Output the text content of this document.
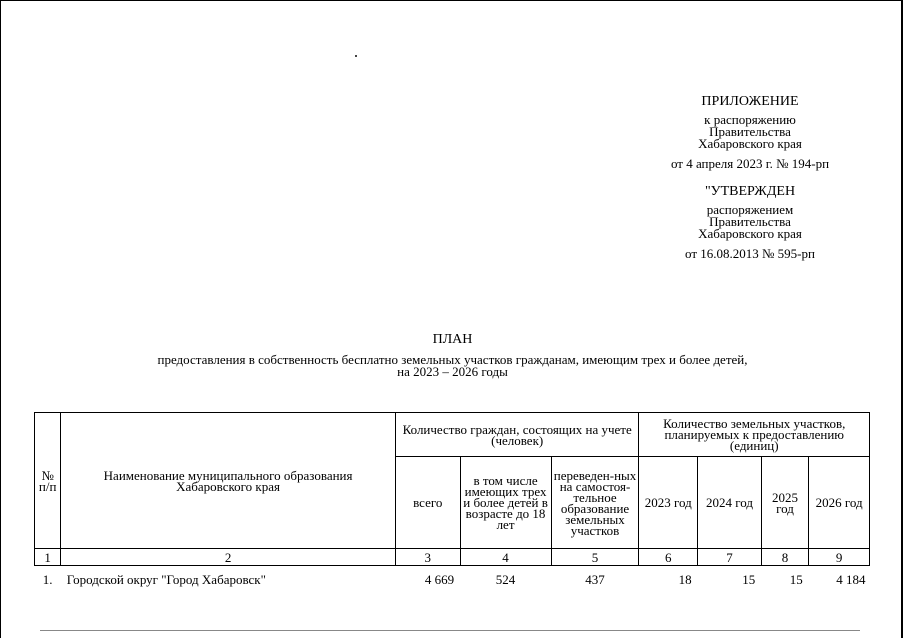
ПРИЛОЖЕНИЕ
к распоряжению
Правительства
Хабаровского края
от 4 апреля 2023 г. № 194-рп
"УТВЕРЖДЕН
распоряжением
Правительства
Хабаровского края
от 16.08.2013 № 595-рп
ПЛАН
предоставления в собственность бесплатно земельных участков гражданам, имеющим трех и более детей,
на 2023 – 2026 годы
№ п/п	Наименование муниципального образования Хабаровского края	Количество граждан, состоящих на учете (человек)			Количество земельных участков, планируемых к предоставлению (единиц)			
		всего	в том числе имеющих трех и более детей в возрасте до 18 лет	переведен-ных на самостоя-тельное образование земельных участков	2023 год	2024 год	2025 год	2026 год
1	2	3	4	5	6	7	8	9
1.	Городской округ "Город Хабаровск"	4 669	524	437	18	15	15	4 184
